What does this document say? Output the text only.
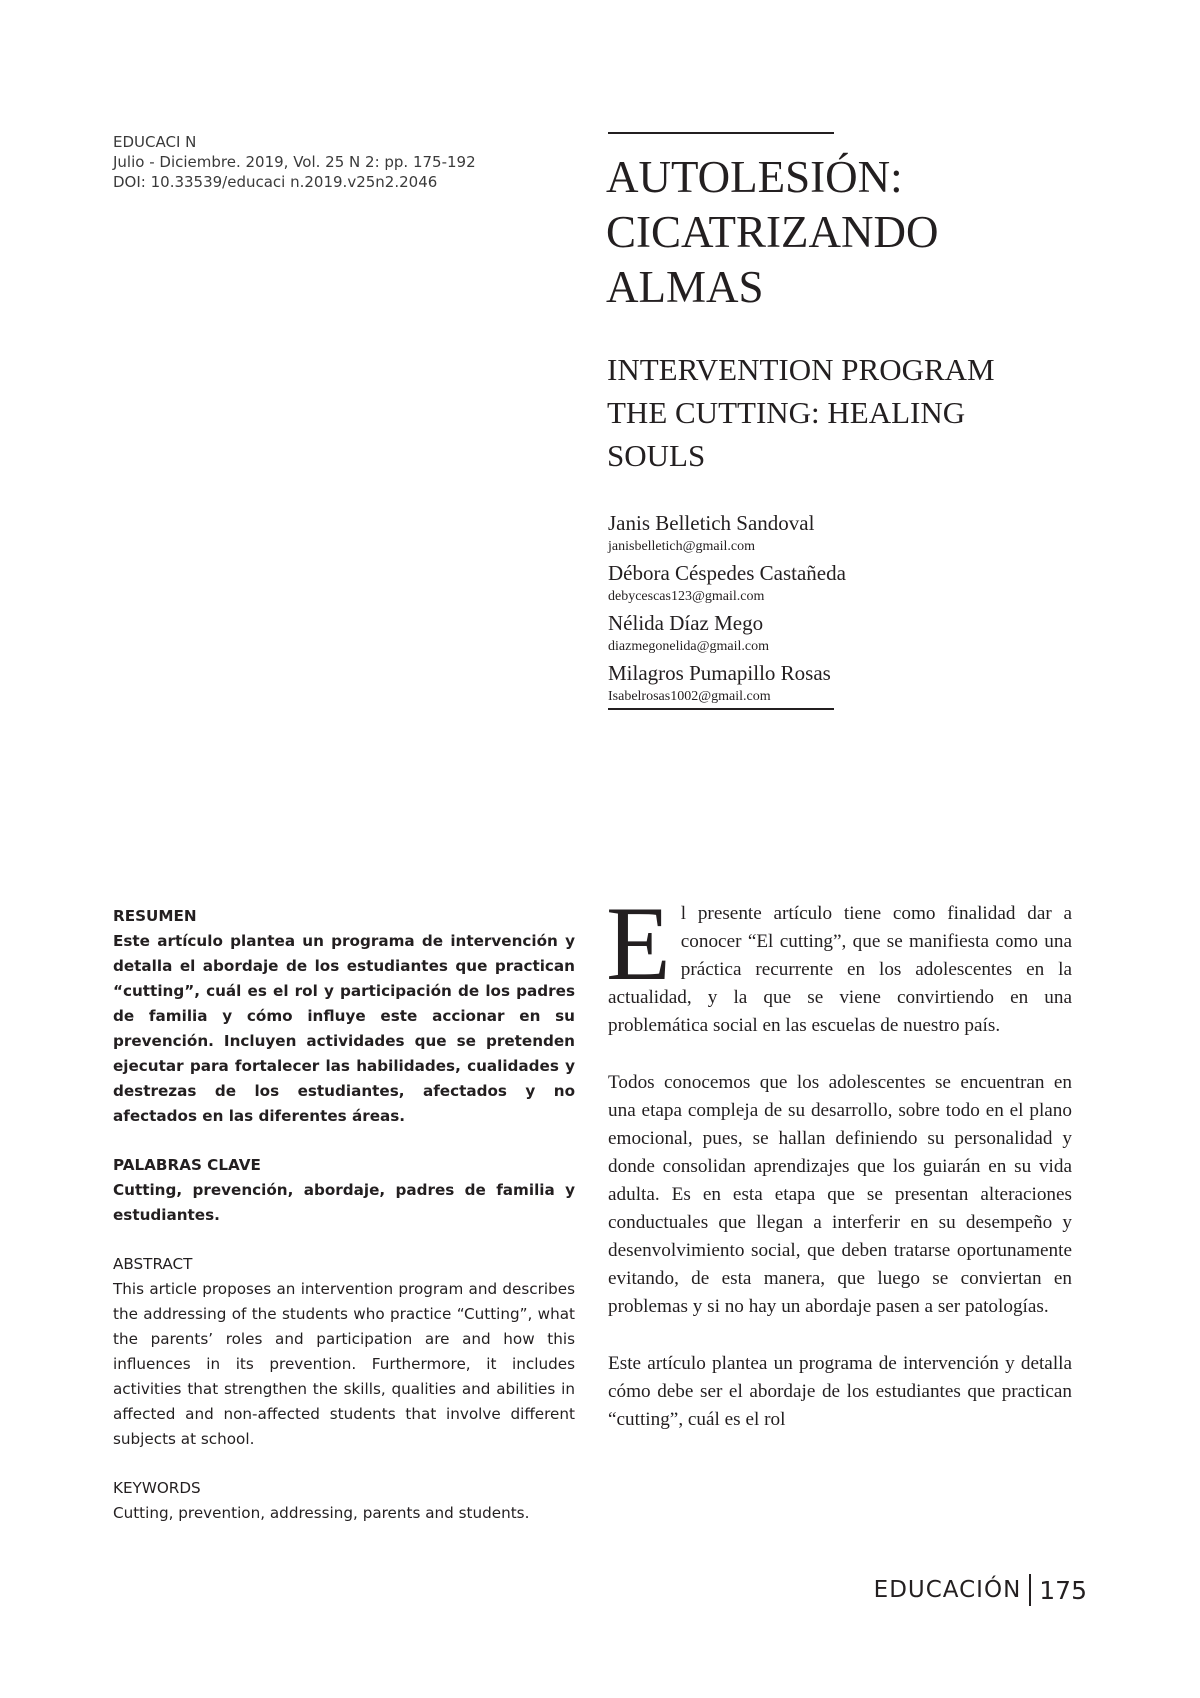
EDUCACI N
Julio - Diciembre. 2019, Vol. 25 N 2: pp. 175-192
DOI: 10.33539/educaci n.2019.v25n2.2046	AUTOLESIÓN:
CICATRIZANDO
ALMAS
INTERVENTION PROGRAM
THE CUTTING: HEALING
SOULS
Janis Belletich Sandoval
janisbelletich@gmail.com
Débora Céspedes Castañeda
debycescas123@gmail.com
Nélida Díaz Mego
diazmegonelida@gmail.com
Milagros Pumapillo Rosas
Isabelrosas1002@gmail.com
RESUMEN
Este artículo plantea un programa de intervención y detalla el abordaje de los estudiantes que practican “cutting”, cuál es el rol y participación de los padres de familia y cómo influye este accionar en su prevención. Incluyen actividades que se pretenden ejecutar para fortalecer las habilidades, cualidades y destrezas de los estudiantes, afectados y no afectados en las diferentes áreas.
PALABRAS CLAVE
Cutting, prevención, abordaje, padres de familia y estudiantes.
ABSTRACT
This article proposes an intervention program and describes the addressing of the students who practice “Cutting”, what the parents’ roles and participation are and how this influences in its prevention. Furthermore, it includes activities that strengthen the skills, qualities and abilities in affected and non-affected students that involve different subjects at school.
KEYWORDS
Cutting, prevention, addressing, parents and students.

El presente artículo tiene como finalidad dar a conocer “El cutting”, que se manifiesta como una práctica recurrente en los adolescentes en la actualidad, y la que se viene convirtiendo en una problemática social en las escuelas de nuestro país.

Todos conocemos que los adolescentes se encuentran en una etapa compleja de su desarrollo, sobre todo en el plano emocional, pues, se hallan definiendo su personalidad y donde consolidan aprendizajes que los guiarán en su vida adulta. Es en esta etapa que se presentan alteraciones conductuales que llegan a interferir en su desempeño y desenvolvimiento social, que deben tratarse oportunamente evitando, de esta manera, que luego se conviertan en problemas y si no hay un abordaje pasen a ser patologías.

Este artículo plantea un programa de intervención y detalla cómo debe ser el abordaje de los estudiantes que practican “cutting”, cuál es el rol

EDUCACIÓN 175
